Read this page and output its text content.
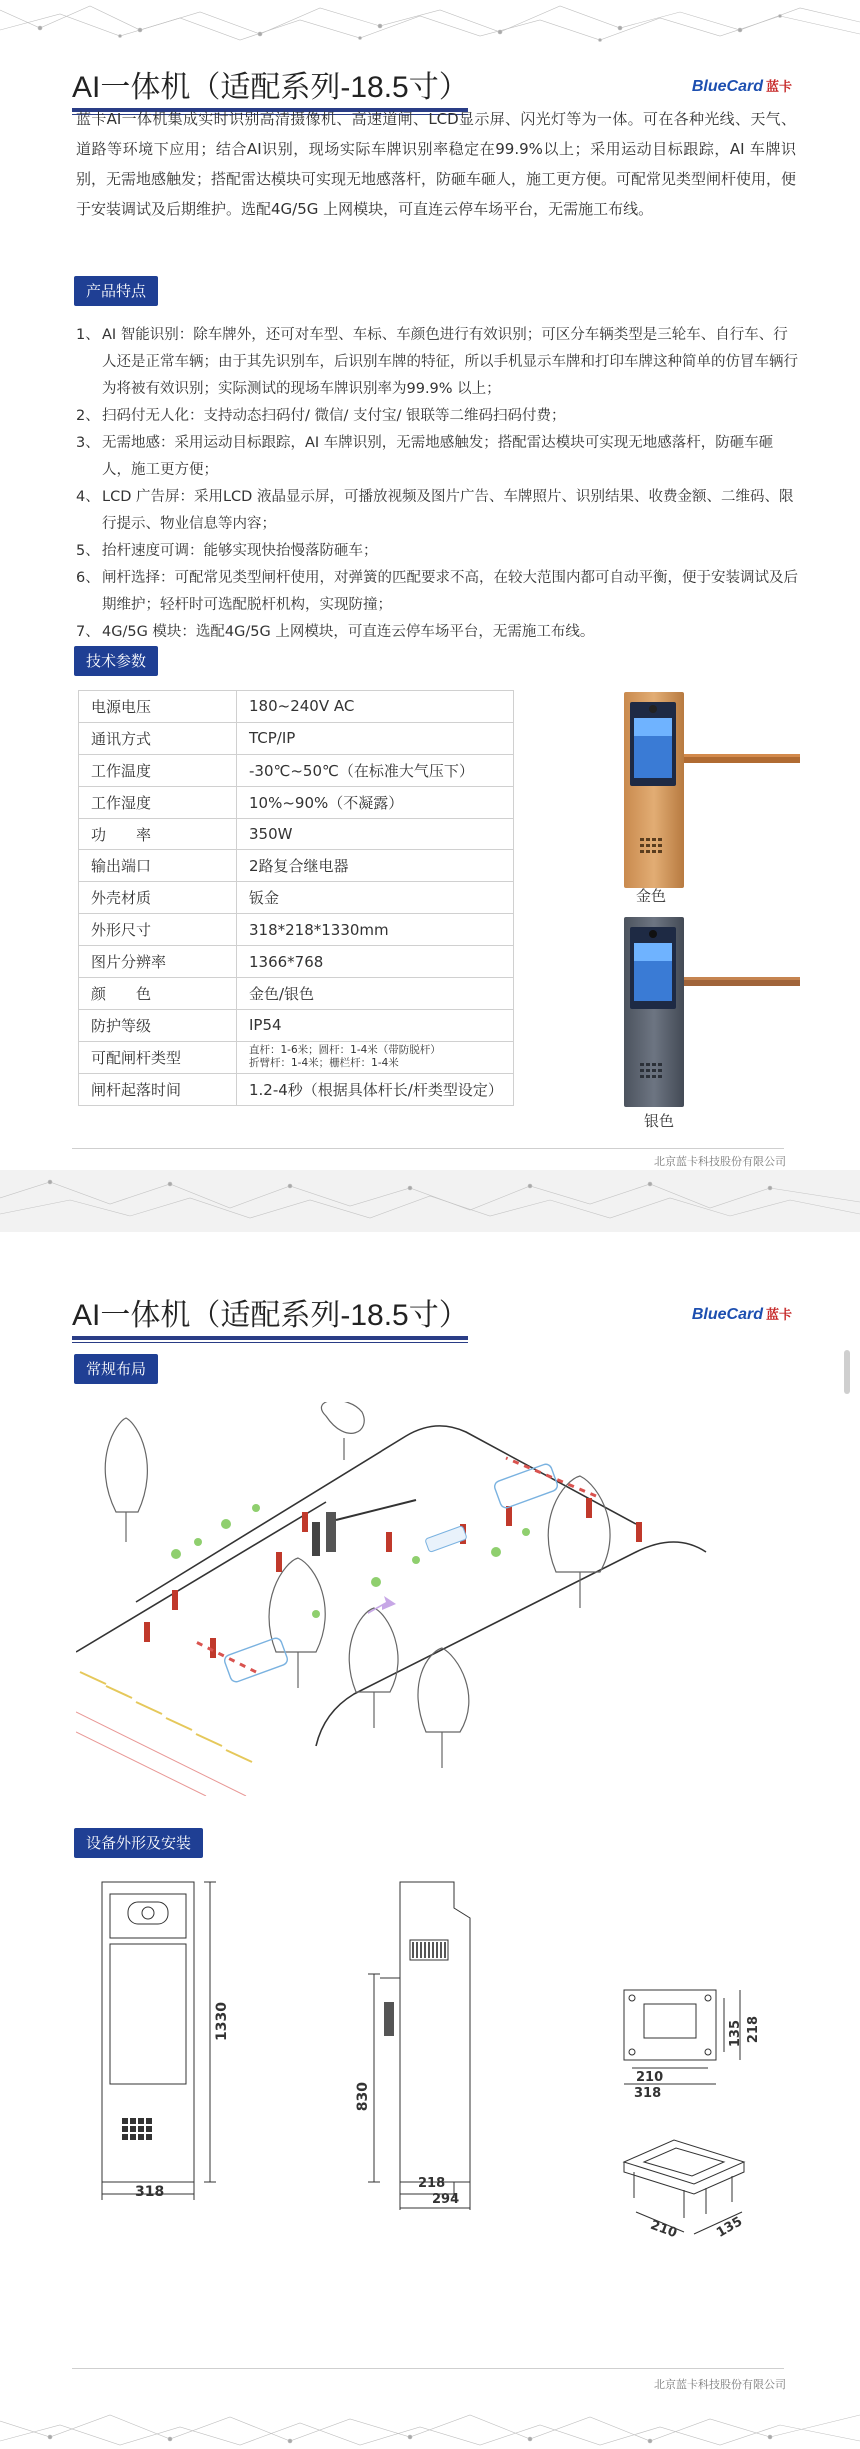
AI一体机（适配系列-18.5寸）	BlueCard 蓝卡

蓝卡AI一体机集成实时识别高清摄像机、高速道闸、LCD显示屏、闪光灯等为一体。可在各种光线、天气、道路等环境下应用；结合AI识别，现场实际车牌识别率稳定在99.9%以上；采用运动目标跟踪，AI 车牌识别，无需地感触发；搭配雷达模块可实现无地感落杆，防砸车砸人，施工更方便。可配常见类型闸杆使用，便于安装调试及后期维护。选配4G/5G 上网模块，可直连云停车场平台，无需施工布线。

产品特点
1、 AI 智能识别：除车牌外，还可对车型、车标、车颜色进行有效识别；可区分车辆类型是三轮车、自行车、行人还是正常车辆；由于其先识别车，后识别车牌的特征，所以手机显示车牌和打印车牌这种简单的仿冒车辆行为将被有效识别；实际测试的现场车牌识别率为99.9% 以上；
2、 扫码付无人化：支持动态扫码付/ 微信/ 支付宝/ 银联等二维码扫码付费；
3、 无需地感：采用运动目标跟踪，AI 车牌识别，无需地感触发；搭配雷达模块可实现无地感落杆，防砸车砸人，施工更方便；
4、 LCD 广告屏：采用LCD 液晶显示屏，可播放视频及图片广告、车牌照片、识别结果、收费金额、二维码、限行提示、物业信息等内容；
5、 抬杆速度可调：能够实现快抬慢落防砸车；
6、 闸杆选择：可配常见类型闸杆使用，对弹簧的匹配要求不高，在较大范围内都可自动平衡，便于安装调试及后期维护；轻杆时可选配脱杆机构，实现防撞；
7、 4G/5G 模块：选配4G/5G 上网模块，可直连云停车场平台，无需施工布线。
技术参数
电源电压	180~240V AC
通讯方式	TCP/IP
工作温度	-30℃~50℃（在标准大气压下）
工作湿度	10%~90%（不凝露）
功　　率	350W
输出端口	2路复合继电器
外壳材质	钣金
外形尺寸	318*218*1330mm
图片分辨率	1366*768
颜　　色	金色/银色
防护等级	IP54
可配闸杆类型	直杆：1-6米；圆杆：1-4米（带防脱杆）
折臂杆：1-4米；栅栏杆：1-4米
闸杆起落时间	1.2-4秒（根据具体杆长/杆类型设定）
金色
银色
北京蓝卡科技股份有限公司
AI一体机（适配系列-18.5寸）	BlueCard 蓝卡
常规布局
设备外形及安装
1330
318
830
218
294
210
318
135 218
210	135
北京蓝卡科技股份有限公司
